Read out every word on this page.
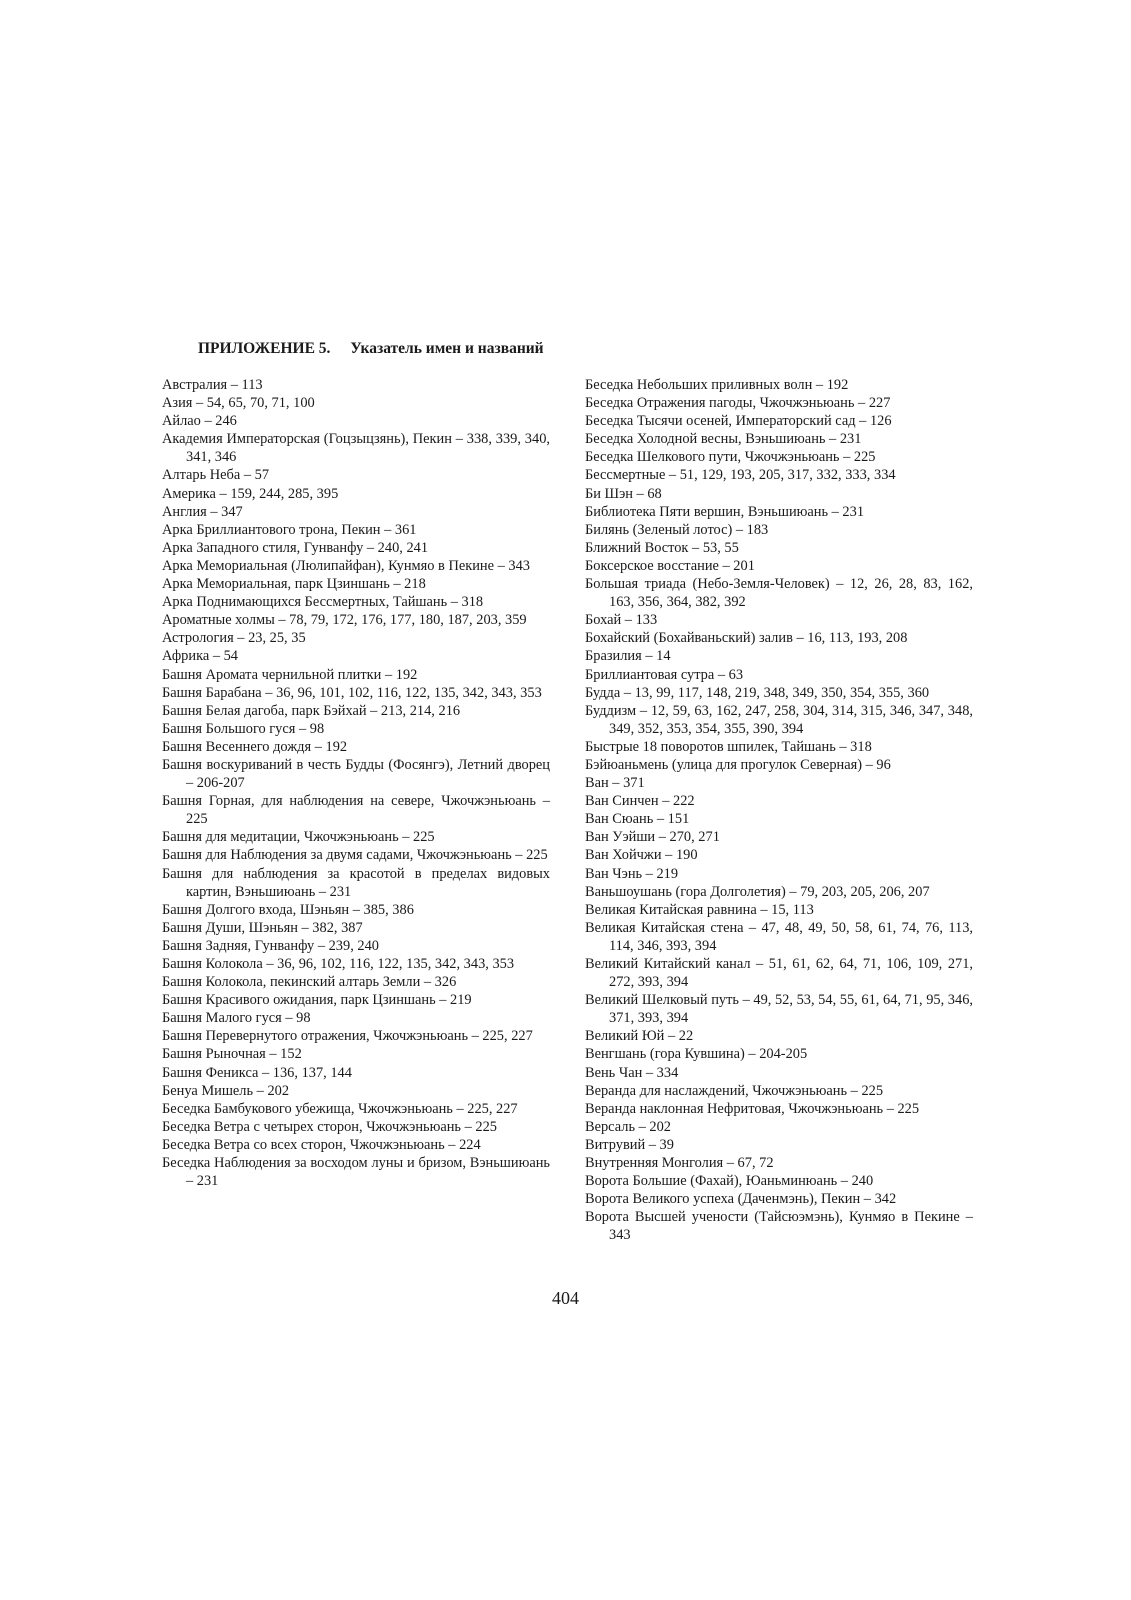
ПРИЛОЖЕНИЕ 5. Указатель имен и названий
Австралия – 113
Азия – 54, 65, 70, 71, 100
Айлао – 246
Академия Императорская (Гоцзыцзянь), Пекин – 338, 339, 340, 341, 346
Алтарь Неба – 57
Америка – 159, 244, 285, 395
Англия – 347
Арка Бриллиантового трона, Пекин – 361
Арка Западного стиля, Гунванфу – 240, 241
Арка Мемориальная (Люлипайфан), Кунмяо в Пекине – 343
Арка Мемориальная, парк Цзиншань – 218
Арка Поднимающихся Бессмертных, Тайшань – 318
Ароматные холмы – 78, 79, 172, 176, 177, 180, 187, 203, 359
Астрология – 23, 25, 35
Африка – 54
Башня Аромата чернильной плитки – 192
Башня Барабана – 36, 96, 101, 102, 116, 122, 135, 342, 343, 353
Башня Белая дагоба, парк Бэйхай – 213, 214, 216
Башня Большого гуся – 98
Башня Весеннего дождя – 192
Башня воскуриваний в честь Будды (Фосянгэ), Летний дворец – 206-207
Башня Горная, для наблюдения на севере, Чжочжэньюань – 225
Башня для медитации, Чжочжэньюань – 225
Башня для Наблюдения за двумя садами, Чжочжэньюань – 225
Башня для наблюдения за красотой в пределах видовых картин, Вэньшиюань – 231
Башня Долгого входа, Шэньян – 385, 386
Башня Души, Шэньян – 382, 387
Башня Задняя, Гунванфу – 239, 240
Башня Колокола – 36, 96, 102, 116, 122, 135, 342, 343, 353
Башня Колокола, пекинский алтарь Земли – 326
Башня Красивого ожидания, парк Цзиншань – 219
Башня Малого гуся – 98
Башня Перевернутого отражения, Чжочжэньюань – 225, 227
Башня Рыночная – 152
Башня Феникса – 136, 137, 144
Бенуа Мишель – 202
Беседка Бамбукового убежища, Чжочжэньюань – 225, 227
Беседка Ветра с четырех сторон, Чжочжэньюань – 225
Беседка Ветра со всех сторон, Чжочжэньюань – 224
Беседка Наблюдения за восходом луны и бризом, Вэньшиюань – 231
Беседка Небольших приливных волн – 192
Беседка Отражения пагоды, Чжочжэньюань – 227
Беседка Тысячи осеней, Императорский сад – 126
Беседка Холодной весны, Вэньшиюань – 231
Беседка Шелкового пути, Чжочжэньюань – 225
Бессмертные – 51, 129, 193, 205, 317, 332, 333, 334
Би Шэн – 68
Библиотека Пяти вершин, Вэньшиюань – 231
Билянь (Зеленый лотос) – 183
Ближний Восток – 53, 55
Боксерское восстание – 201
Большая триада (Небо-Земля-Человек) – 12, 26, 28, 83, 162, 163, 356, 364, 382, 392
Бохай – 133
Бохайский (Бохайваньский) залив – 16, 113, 193, 208
Бразилия – 14
Бриллиантовая сутра – 63
Будда – 13, 99, 117, 148, 219, 348, 349, 350, 354, 355, 360
Буддизм – 12, 59, 63, 162, 247, 258, 304, 314, 315, 346, 347, 348, 349, 352, 353, 354, 355, 390, 394
Быстрые 18 поворотов шпилек, Тайшань – 318
Бэйюаньмень (улица для прогулок Северная) – 96
Ван – 371
Ван Синчен – 222
Ван Сюань – 151
Ван Уэйши – 270, 271
Ван Хойчжи – 190
Ван Чэнь – 219
Ваньшоушань (гора Долголетия) – 79, 203, 205, 206, 207
Великая Китайская равнина – 15, 113
Великая Китайская стена – 47, 48, 49, 50, 58, 61, 74, 76, 113, 114, 346, 393, 394
Великий Китайский канал – 51, 61, 62, 64, 71, 106, 109, 271, 272, 393, 394
Великий Шелковый путь – 49, 52, 53, 54, 55, 61, 64, 71, 95, 346, 371, 393, 394
Великий Юй – 22
Венгшань (гора Кувшина) – 204-205
Вень Чан – 334
Веранда для наслаждений, Чжочжэньюань – 225
Веранда наклонная Нефритовая, Чжочжэньюань – 225
Версаль – 202
Витрувий – 39
Внутренняя Монголия – 67, 72
Ворота Большие (Фахай), Юаньминюань – 240
Ворота Великого успеха (Даченмэнь), Пекин – 342
Ворота Высшей учености (Тайсюэмэнь), Кунмяо в Пекине – 343
404
